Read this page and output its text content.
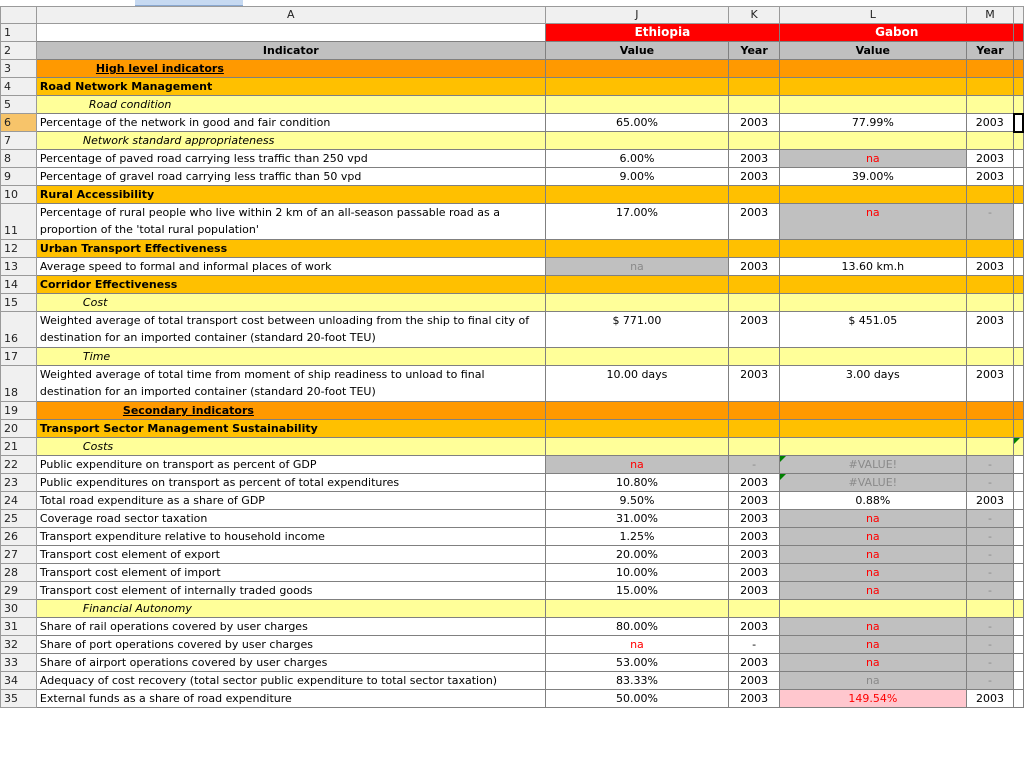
	A	J	K	L	M	
1		Ethiopia		Gabon		
2	Indicator	Value	Year	Value	Year	
3	High level indicators					
4	Road Network Management					
5	Road condition					
6	Percentage of the network in good and fair condition	65.00%	2003	77.99%	2003	
7	Network standard appropriateness					
8	Percentage of paved road carrying less traffic than 250 vpd	6.00%	2003	na	2003	
9	Percentage of gravel road carrying less traffic than 50 vpd	9.00%	2003	39.00%	2003	
10	Rural Accessibility					
11	Percentage of rural people who live within 2 km of an all-season passable road as a proportion of the 'total rural population'	17.00%	2003	na	-	
12	Urban Transport Effectiveness					
13	Average speed to formal and informal places of work	na	2003	13.60 km.h	2003	
14	Corridor Effectiveness					
15	Cost					
16	Weighted average of total transport cost between unloading from the ship to final city of destination for an imported container (standard 20-foot TEU)	$ 771.00	2003	$ 451.05	2003	
17	Time					
18	Weighted average of total time from moment of ship readiness to unload to final destination for an imported container (standard 20-foot TEU)	10.00 days	2003	3.00 days	2003	
19	Secondary indicators					
20	Transport Sector Management Sustainability					
21	Costs					
22	Public expenditure on transport as percent of GDP	na	-	#VALUE!	-	
23	Public expenditures on transport as percent of total expenditures	10.80%	2003	#VALUE!	-	
24	Total road expenditure as a share of GDP	9.50%	2003	0.88%	2003	
25	Coverage road sector taxation	31.00%	2003	na	-	
26	Transport expenditure relative to household income	1.25%	2003	na	-	
27	Transport cost element of export	20.00%	2003	na	-	
28	Transport cost element of import	10.00%	2003	na	-	
29	Transport cost element of internally traded goods	15.00%	2003	na	-	
30	Financial Autonomy					
31	Share of rail operations covered by user charges	80.00%	2003	na	-	
32	Share of port operations covered by user charges	na	-	na	-	
33	Share of airport operations covered by user charges	53.00%	2003	na	-	
34	Adequacy of cost recovery (total sector public expenditure to total sector taxation)	83.33%	2003	na	-	
35	External funds as a share of road expenditure	50.00%	2003	149.54%	2003	
